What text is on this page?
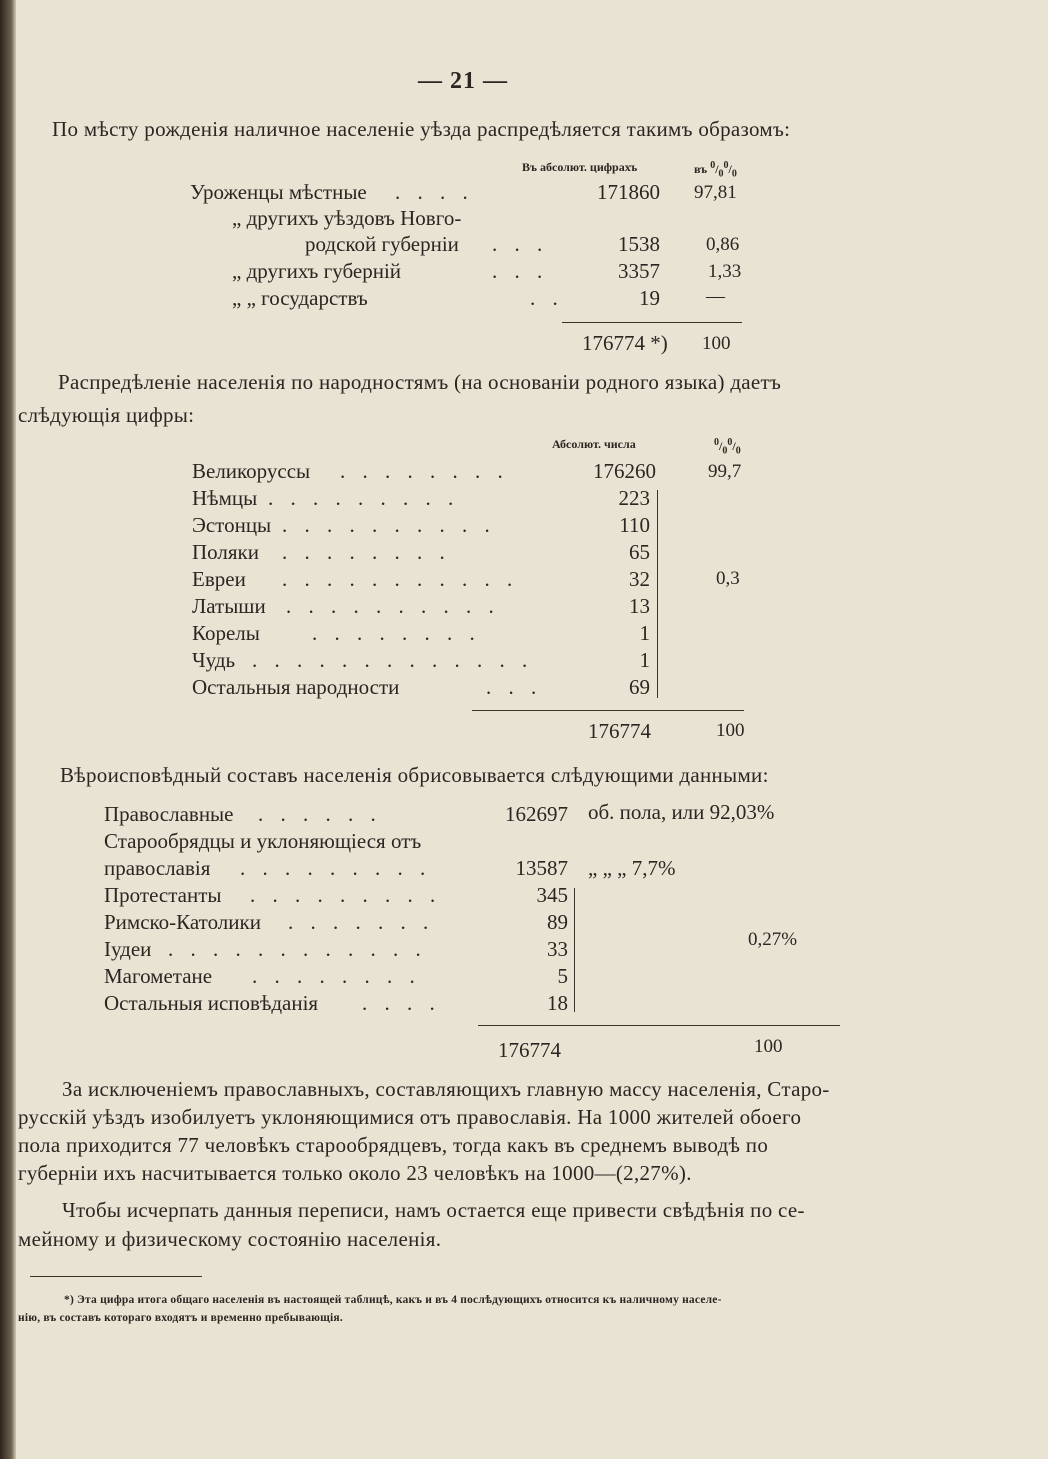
— 21 —
По мѣсту рожденія наличное населеніе уѣзда распредѣляется такимъ образомъ:
Въ абсолют. цифрахъ	въ $^0/_0^0/_0$
Уроженцы мѣстные . . . .	171860 97,81
„ другихъ уѣздовъ Новго-
родской губерніи . . .	1538 0,86
„ другихъ губерній	. . .	3357	1,33
„ „ государствъ	. .	19 —
176774 *) 100
Распредѣленіе населенія по народностямъ (на основаніи родного языка) даетъ
слѣдующія цифры:
Абсолют. числа	$^0/_0^0/_0$
Великоруссы . . . . . . . .	176260	99,7
Нѣмцы . . . . . . . . .	223
Эстонцы . . . . . . . . . .	110
Поляки . . . . . . . .	65
Евреи . . . . . . . . . . .	32
Латыши . . . . . . . . . .	13
Корелы . . . . . . . .	1
Чудь . . . . . . . . . . . . .	1
Остальныя народности	. . .	69
0,3
176774	100
Вѣроисповѣдный составъ населенія обрисовывается слѣдующими данными:
Православные . . . . . .	162697 об. пола, или 92,03%
Старообрядцы и уклоняющіеся отъ
православія . . . . . . . . .	13587 „ „ „ 7,7%
Протестанты . . . . . . . . .	345
Римско-Католики . . . . . . .	89
Іудеи . . . . . . . . . . . .	33
Магометане . . . . . . . .	5
Остальныя исповѣданія . . . .	18
0,27%
176774	100
За исключеніемъ православныхъ, составляющихъ главную массу населенія, Старо-
русскій уѣздъ изобилуетъ уклоняющимися отъ православія. На 1000 жителей обоего
пола приходится 77 человѣкъ старообрядцевъ, тогда какъ въ среднемъ выводѣ по
губерніи ихъ насчитывается только около 23 человѣкъ на 1000—(2,27%).
Чтобы исчерпать данныя переписи, намъ остается еще привести свѣдѣнія по се-
мейному и физическому состоянію населенія.
*) Эта цифра итога общаго населенія въ настоящей таблицѣ, какъ и въ 4 послѣдующихъ относится къ наличному населе-
нію, въ составъ котораго входятъ и временно пребывающія.
